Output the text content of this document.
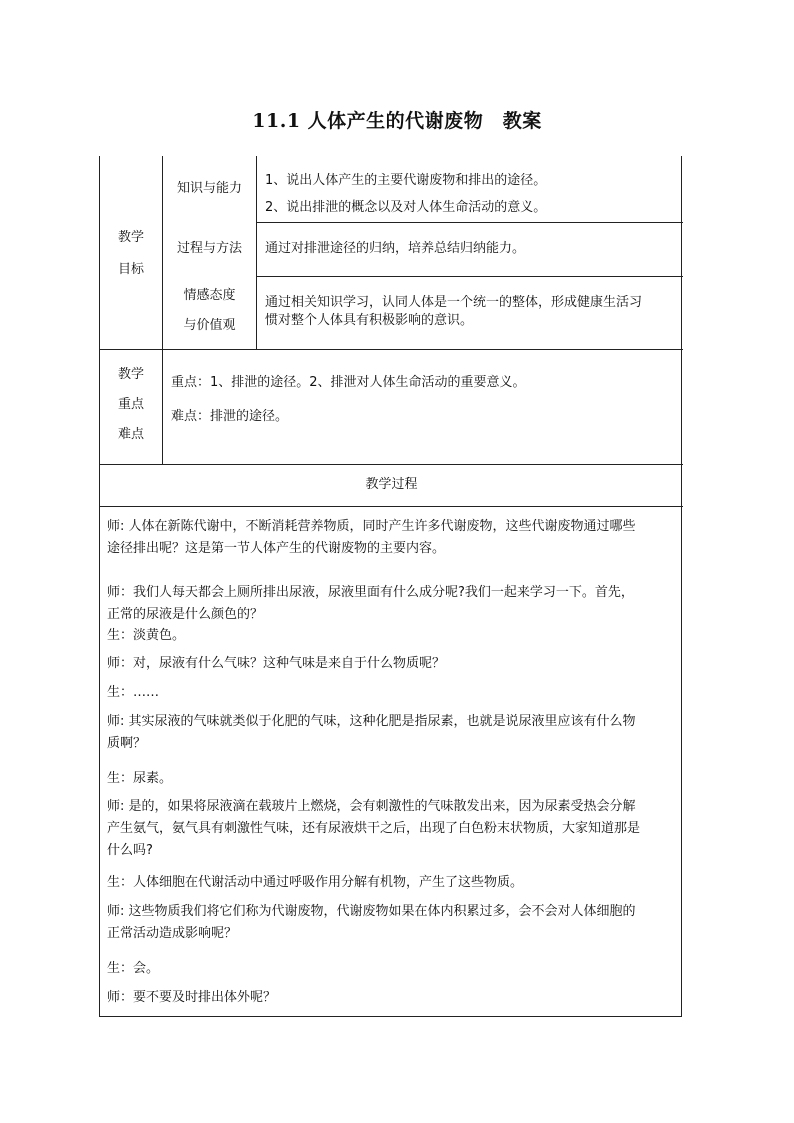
11.1 人体产生的代谢废物　教案
教学
目标
知识与能力
1、说出人体产生的主要代谢废物和排出的途径。
2、说出排泄的概念以及对人体生命活动的意义。
过程与方法	通过对排泄途径的归纳，培养总结归纳能力。
情感态度
与价值观
通过相关知识学习，认同人体是一个统一的整体，形成健康生活习
惯对整个人体具有积极影响的意识。
教学
重点
难点
重点：1、排泄的途径。2、排泄对人体生命活动的重要意义。
难点：排泄的途径。
教学过程
师: 人体在新陈代谢中，不断消耗营养物质，同时产生许多代谢废物，这些代谢废物通过哪些
途径排出呢？这是第一节人体产生的代谢废物的主要内容。
师：我们人每天都会上厕所排出尿液，尿液里面有什么成分呢?我们一起来学习一下。首先，
正常的尿液是什么颜色的？
生：淡黄色。
师：对，尿液有什么气味？这种气味是来自于什么物质呢？
生：……
师: 其实尿液的气味就类似于化肥的气味，这种化肥是指尿素，也就是说尿液里应该有什么物
质啊？
生：尿素。
师: 是的，如果将尿液滴在载玻片上燃烧，会有刺激性的气味散发出来，因为尿素受热会分解
产生氨气，氨气具有刺激性气味，还有尿液烘干之后，出现了白色粉末状物质，大家知道那是
什么吗?
生：人体细胞在代谢活动中通过呼吸作用分解有机物，产生了这些物质。
师: 这些物质我们将它们称为代谢废物，代谢废物如果在体内积累过多，会不会对人体细胞的
正常活动造成影响呢？
生：会。
师：要不要及时排出体外呢？
